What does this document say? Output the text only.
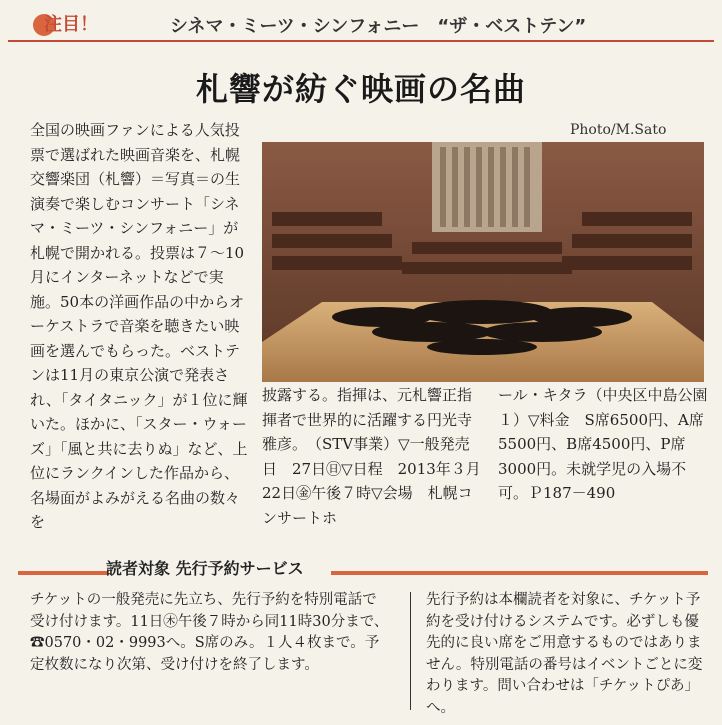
注目！	シネマ・ミーツ・シンフォニー　“ザ・ベストテン”
札響が紡ぐ映画の名曲
Photo/M.Sato
全国の映画ファンによる人気投票で選ばれた映画音楽を、札幌交響楽団（札響）＝写真＝の生演奏で楽しむコンサート「シネマ・ミーツ・シンフォニー」が札幌で開かれる。投票は７～10月にインターネットなどで実施。50本の洋画作品の中からオーケストラで音楽を聴きたい映画を選んでもらった。ベストテンは11月の東京公演で発表され、「タイタニック」が１位に輝いた。ほかに、「スター・ウォーズ」「風と共に去りぬ」など、上位にランクインした作品から、名場面がよみがえる名曲の数々を
披露する。指揮は、元札響正指揮者で世界的に活躍する円光寺雅彦。　（STV事業）▽一般発売日　27日㊐▽日程　2013年３月22日㊎午後７時▽会場　札幌コンサートホ
ール・キタラ（中央区中島公園１）▽料金　S席6500円、A席5500円、B席4500円、P席3000円。未就学児の入場不可。Ｐ187－490
読者対象 先行予約サービス
チケットの一般発売に先立ち、先行予約を特別電話で受け付けます。11日㊍午後７時から同11時30分まで、☎0570・02・9993へ。S席のみ。１人４枚まで。予定枚数になり次第、受け付けを終了します。
先行予約は本欄読者を対象に、チケット予約を受け付けるシステムです。必ずしも優先的に良い席をご用意するものではありません。特別電話の番号はイベントごとに変わります。問い合わせは「チケットぴあ」へ。
